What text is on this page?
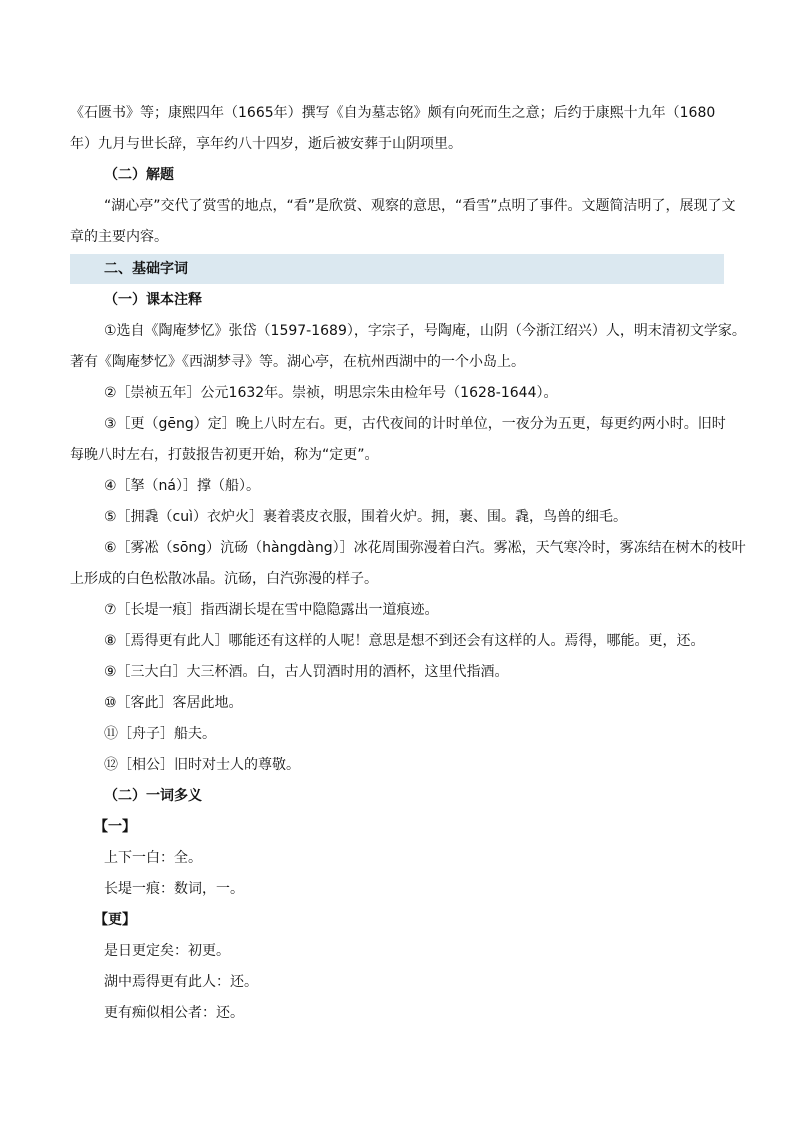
《石匮书》等；康熙四年（1665年）撰写《自为墓志铭》颇有向死而生之意；后约于康熙十九年（1680
年）九月与世长辞，享年约八十四岁，逝后被安葬于山阴项里。
（二）解题
“湖心亭”交代了赏雪的地点，“看”是欣赏、观察的意思，“看雪”点明了事件。文题简洁明了，展现了文
章的主要内容。
二、基础字词
（一）课本注释
①选自《陶庵梦忆》张岱（1597-1689），字宗子，号陶庵，山阴（今浙江绍兴）人，明末清初文学家。
著有《陶庵梦忆》《西湖梦寻》等。湖心亭，在杭州西湖中的一个小岛上。
②［崇祯五年］公元1632年。崇祯，明思宗朱由检年号（1628-1644）。
③［更（gēng）定］晚上八时左右。更，古代夜间的计时单位，一夜分为五更，每更约两小时。旧时
每晚八时左右，打鼓报告初更开始，称为“定更”。
④［拏（ná）］撑（船）。
⑤［拥毳（cuì）衣炉火］裹着裘皮衣服，围着火炉。拥，裹、围。毳，鸟兽的细毛。
⑥［雾凇（sōng）沆砀（hàngdàng）］冰花周围弥漫着白汽。雾凇，天气寒冷时，雾冻结在树木的枝叶
上形成的白色松散冰晶。沆砀，白汽弥漫的样子。
⑦［长堤一痕］指西湖长堤在雪中隐隐露出一道痕迹。
⑧［焉得更有此人］哪能还有这样的人呢！意思是想不到还会有这样的人。焉得，哪能。更，还。
⑨［三大白］大三杯酒。白，古人罚酒时用的酒杯，这里代指酒。
⑩［客此］客居此地。
⑪［舟子］船夫。
⑫［相公］旧时对士人的尊敬。
（二）一词多义
【一】
上下一白：全。
长堤一痕：数词，一。
【更】
是日更定矣：初更。
湖中焉得更有此人：还。
更有痴似相公者：还。
